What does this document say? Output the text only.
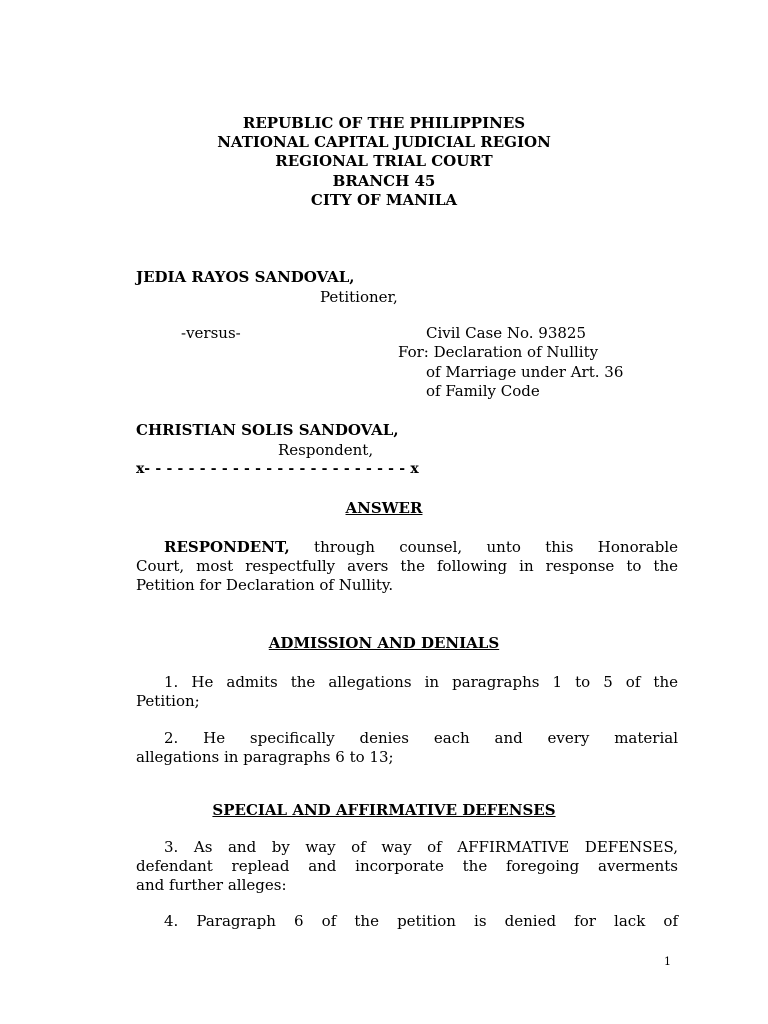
REPUBLIC OF THE PHILIPPINES
NATIONAL CAPITAL JUDICIAL REGION
REGIONAL TRIAL COURT
BRANCH 45
CITY OF MANILA
JEDIA RAYOS SANDOVAL,
Petitioner,
-versus-	Civil Case No. 93825
For: Declaration of Nullity
of Marriage under Art. 36
of Family Code
CHRISTIAN SOLIS SANDOVAL,
Respondent,
x- - - - - - - - - - - - - - - - - - - - - - - - x
ANSWER
RESPONDENT, through counsel, unto this Honorable
Court, most respectfully avers the following in response to the
Petition for Declaration of Nullity.
ADMISSION AND DENIALS
1. He admits the allegations in paragraphs 1 to 5 of the
Petition;
2. He specifically denies each and every material
allegations in paragraphs 6 to 13;
SPECIAL AND AFFIRMATIVE DEFENSES
3. As and by way of way of AFFIRMATIVE DEFENSES,
defendant replead and incorporate the foregoing averments
and further alleges:
4. Paragraph 6 of the petition is denied for lack of
1
